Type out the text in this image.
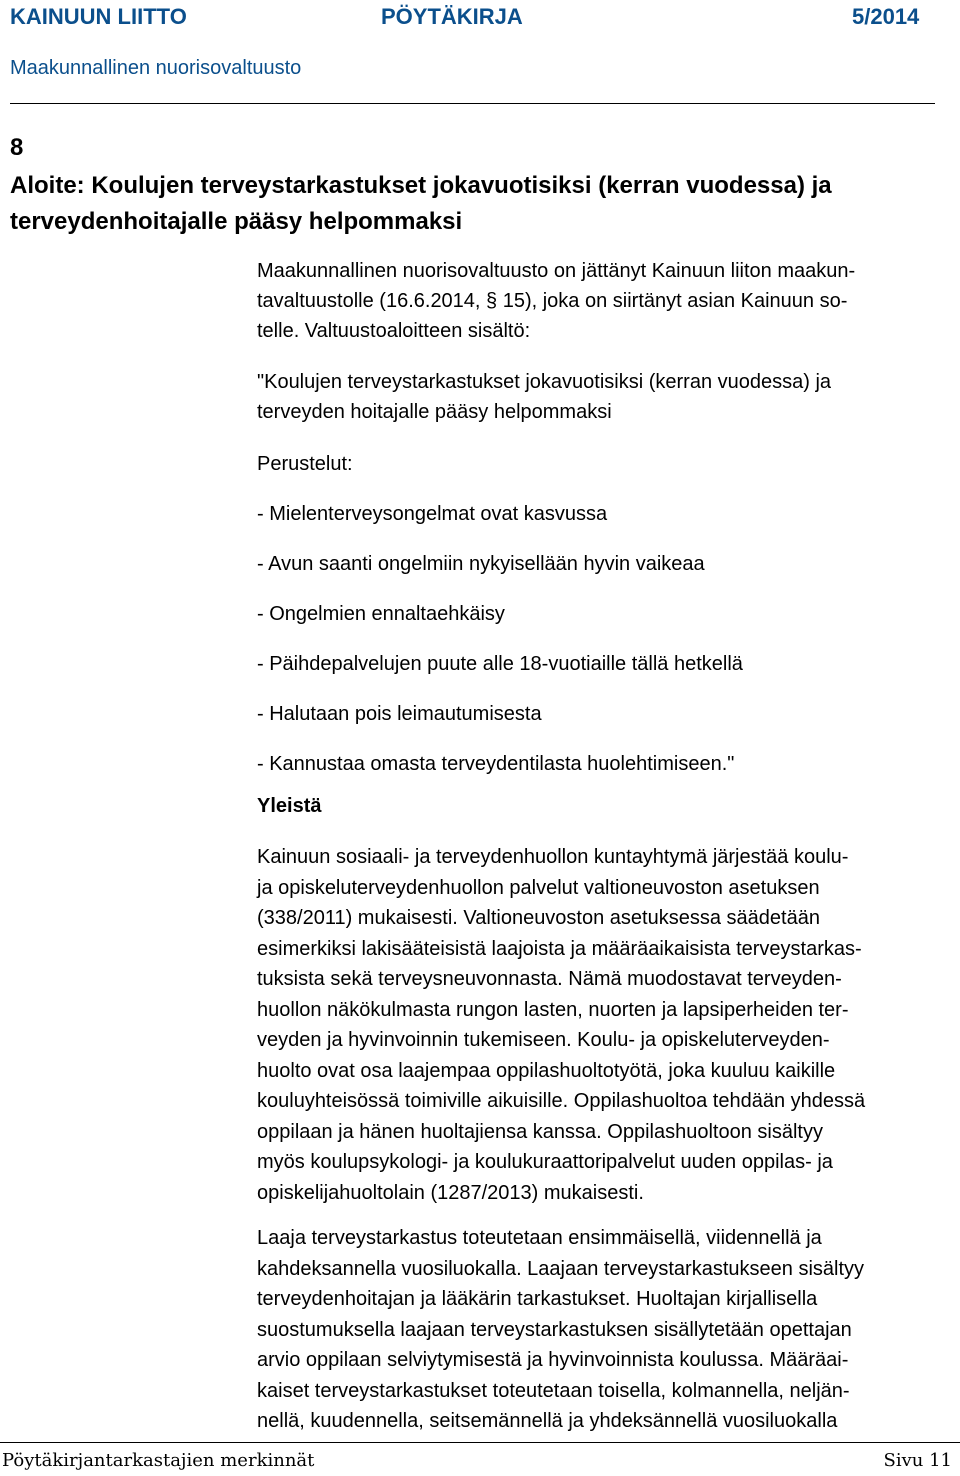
KAINUUN LIITTO	PÖYTÄKIRJA	5/2014
Maakunnallinen nuorisovaltuusto
8
Aloite: Koulujen terveystarkastukset jokavuotisiksi (kerran vuodessa) ja
terveydenhoitajalle pääsy helpommaksi
Maakunnallinen nuorisovaltuusto on jättänyt Kainuun liiton maakun-
tavaltuustolle (16.6.2014, § 15), joka on siirtänyt asian Kainuun so-
telle. Valtuustoaloitteen sisältö:
"Koulujen terveystarkastukset jokavuotisiksi (kerran vuodessa) ja
terveyden hoitajalle pääsy helpommaksi
Perustelut:
- Mielenterveysongelmat ovat kasvussa
- Avun saanti ongelmiin nykyisellään hyvin vaikeaa
- Ongelmien ennaltaehkäisy
- Päihdepalvelujen puute alle 18-vuotiaille tällä hetkellä
- Halutaan pois leimautumisesta
- Kannustaa omasta terveydentilasta huolehtimiseen."
Yleistä
Kainuun sosiaali- ja terveydenhuollon kuntayhtymä järjestää koulu-
ja opiskeluterveydenhuollon palvelut valtioneuvoston asetuksen
(338/2011) mukaisesti. Valtioneuvoston asetuksessa säädetään
esimerkiksi lakisääteisistä laajoista ja määräaikaisista terveystarkas-
tuksista sekä terveysneuvonnasta. Nämä muodostavat terveyden-
huollon näkökulmasta rungon lasten, nuorten ja lapsiperheiden ter-
veyden ja hyvinvoinnin tukemiseen. Koulu- ja opiskeluterveyden-
huolto ovat osa laajempaa oppilashuoltotyötä, joka kuuluu kaikille
kouluyhteisössä toimiville aikuisille. Oppilashuoltoa tehdään yhdessä
oppilaan ja hänen huoltajiensa kanssa. Oppilashuoltoon sisältyy
myös koulupsykologi- ja koulukuraattoripalvelut uuden oppilas- ja
opiskelijahuoltolain (1287/2013) mukaisesti.
Laaja terveystarkastus toteutetaan ensimmäisellä, viidennellä ja
kahdeksannella vuosiluokalla. Laajaan terveystarkastukseen sisältyy
terveydenhoitajan ja lääkärin tarkastukset. Huoltajan kirjallisella
suostumuksella laajaan terveystarkastuksen sisällytetään opettajan
arvio oppilaan selviytymisestä ja hyvinvoinnista koulussa. Määräai-
kaiset terveystarkastukset toteutetaan toisella, kolmannella, neljän-
nellä, kuudennella, seitsemännellä ja yhdeksännellä vuosiluokalla
Pöytäkirjantarkastajien merkinnät	Sivu 11
